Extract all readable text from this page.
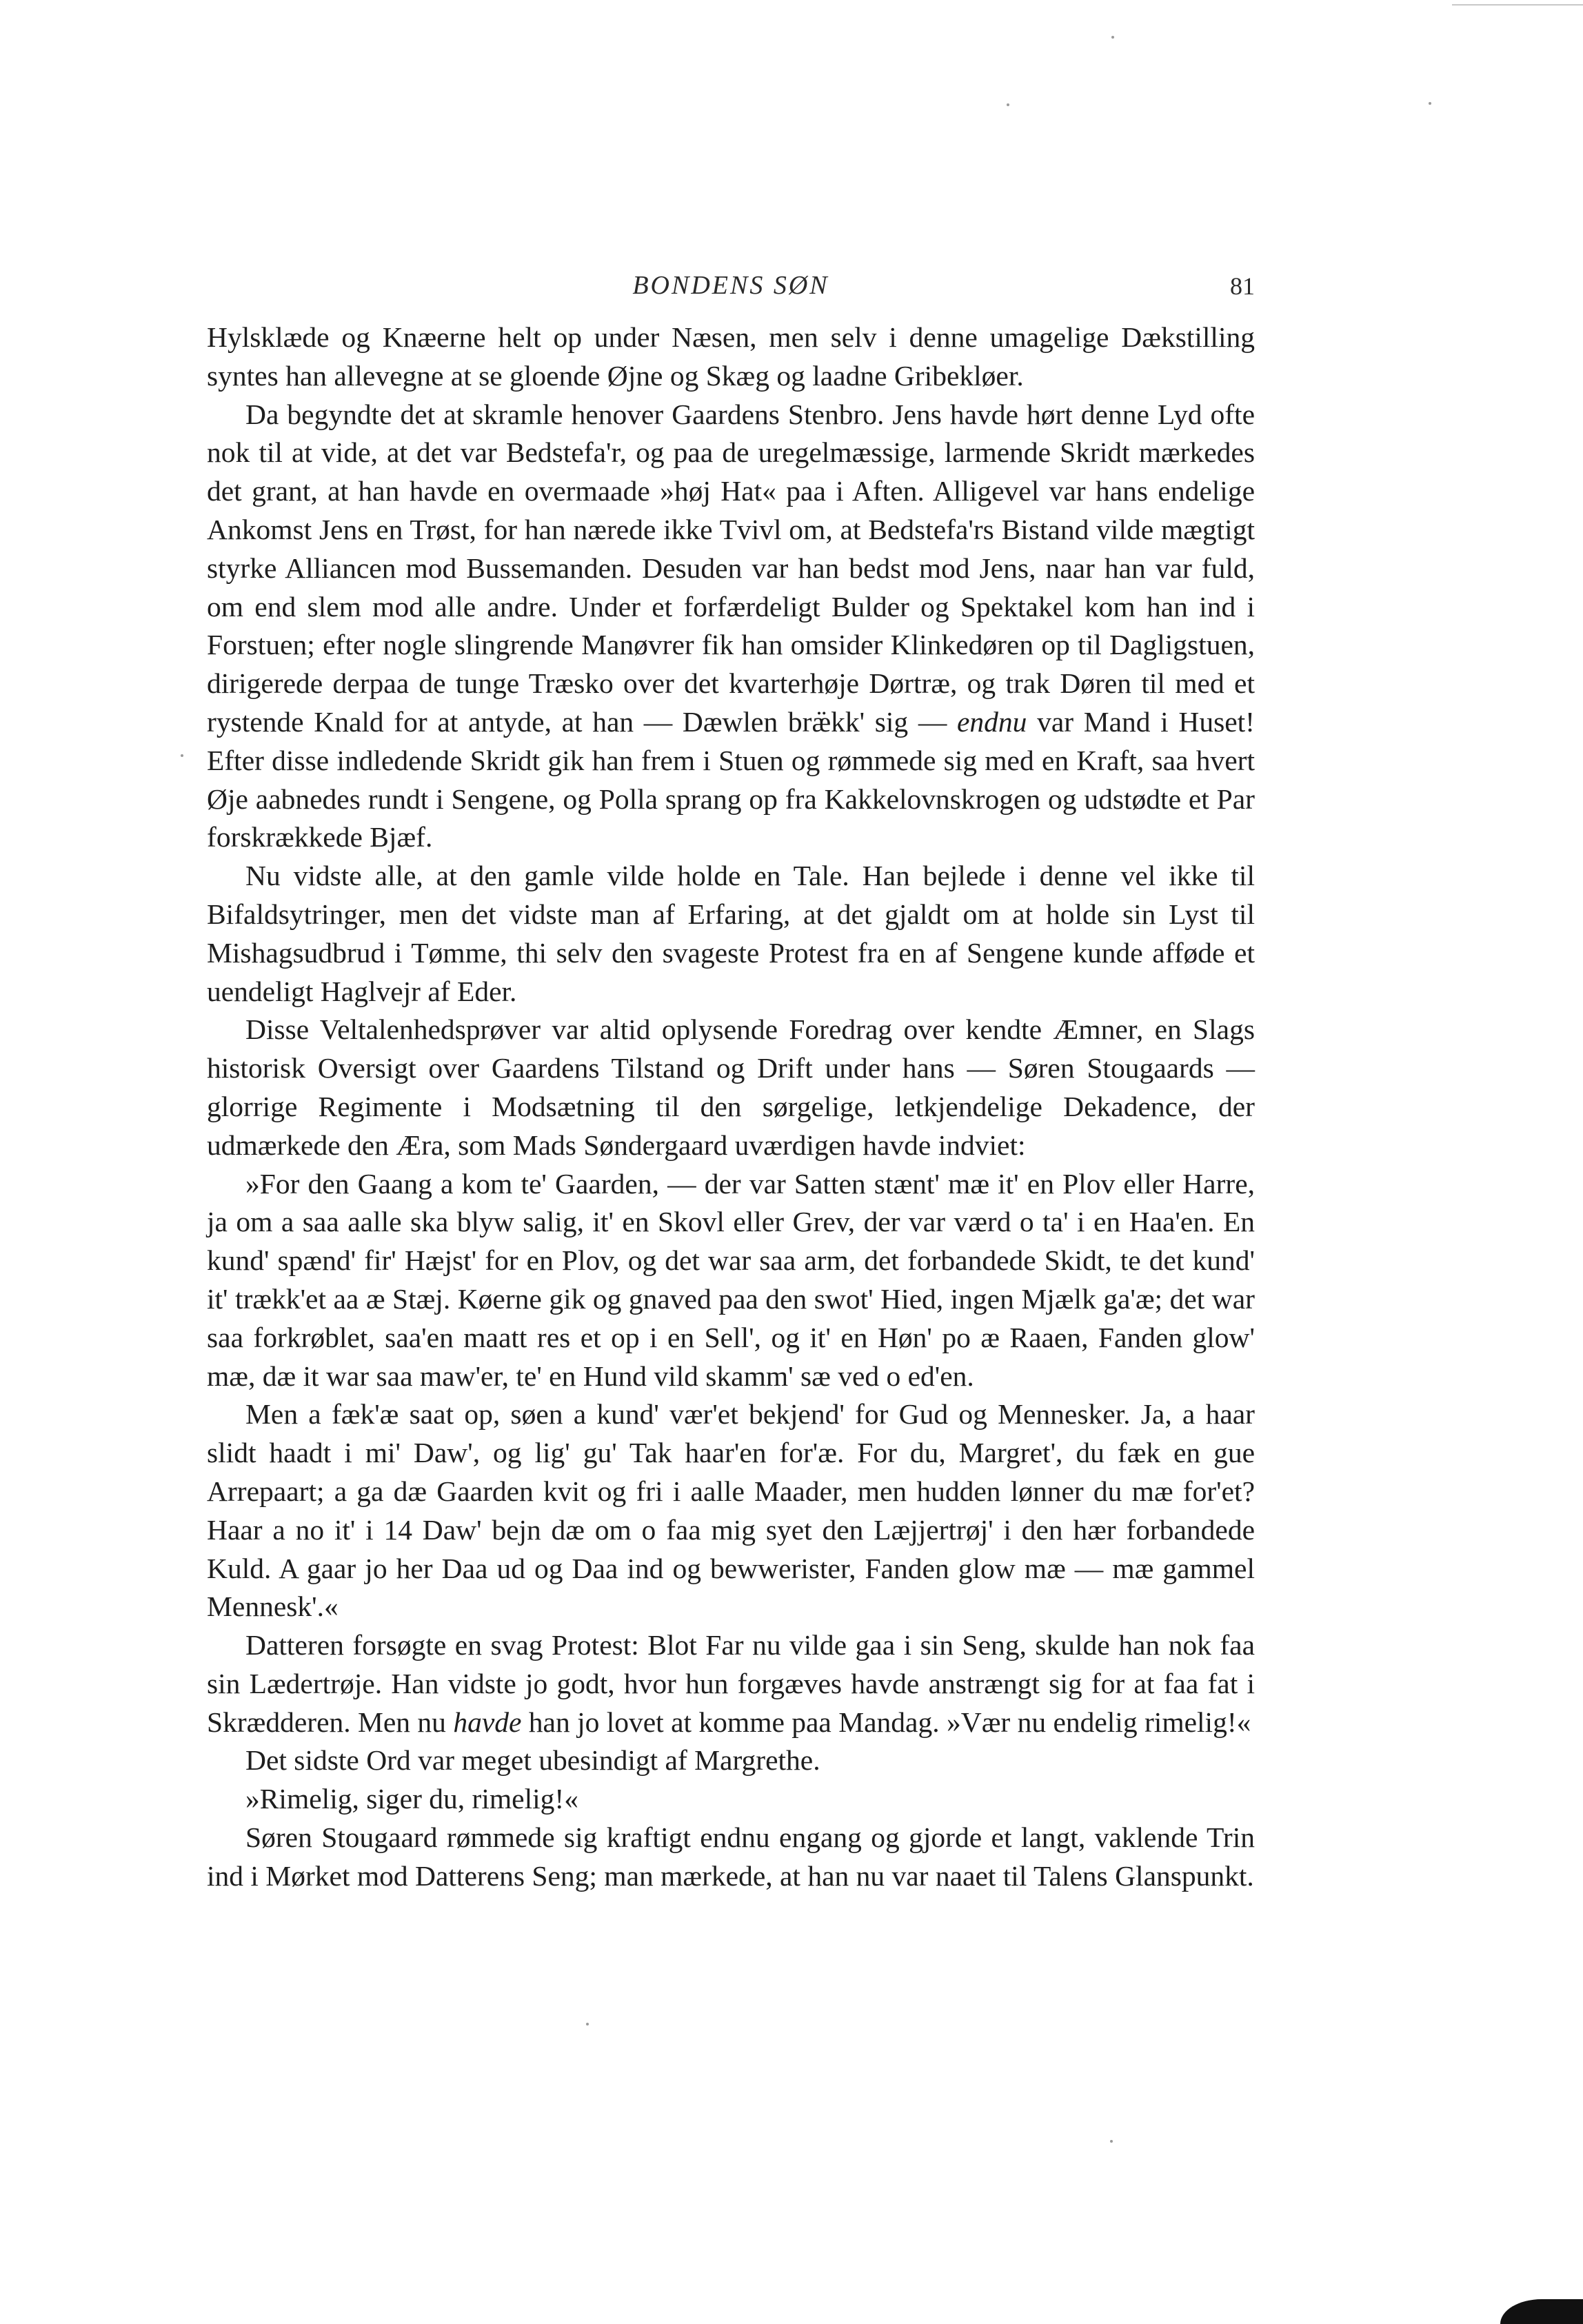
BONDENS SØN	81

Hylsklæde og Knæerne helt op under Næsen, men selv i denne umagelige Dækstilling syntes han allevegne at se gloende Øjne og Skæg og laadne Gribekløer.

Da begyndte det at skramle henover Gaardens Stenbro. Jens havde hørt denne Lyd ofte nok til at vide, at det var Bedstefa'r, og paa de uregelmæssige, larmende Skridt mærkedes det grant, at han havde en overmaade »høj Hat« paa i Aften. Alligevel var hans endelige Ankomst Jens en Trøst, for han nærede ikke Tvivl om, at Bedstefa'rs Bistand vilde mægtigt styrke Alliancen mod Bussemanden. Desuden var han bedst mod Jens, naar han var fuld, om end slem mod alle andre. Under et forfærdeligt Bulder og Spektakel kom han ind i Forstuen; efter nogle slingrende Manøvrer fik han omsider Klinkedøren op til Dagligstuen, dirigerede derpaa de tunge Træsko over det kvarterhøje Dørtræ, og trak Døren til med et rystende Knald for at antyde, at han — Dæwlen bræ̈kk' sig — endnu var Mand i Huset! Efter disse indledende Skridt gik han frem i Stuen og rømmede sig med en Kraft, saa hvert Øje aabnedes rundt i Sengene, og Polla sprang op fra Kakkelovnskrogen og udstødte et Par forskrækkede Bjæf.

Nu vidste alle, at den gamle vilde holde en Tale. Han bejlede i denne vel ikke til Bifaldsytringer, men det vidste man af Erfaring, at det gjaldt om at holde sin Lyst til Mishagsudbrud i Tømme, thi selv den svageste Protest fra en af Sengene kunde afføde et uendeligt Haglvejr af Eder.

Disse Veltalenhedsprøver var altid oplysende Foredrag over kendte Æmner, en Slags historisk Oversigt over Gaardens Tilstand og Drift under hans — Søren Stougaards — glorrige Regimente i Modsætning til den sørgelige, letkjendelige Dekadence, der udmærkede den Æra, som Mads Søndergaard uværdigen havde indviet:

»For den Gaang a kom te' Gaarden, — der var Satten stænt' mæ it' en Plov eller Harre, ja om a saa aalle ska blyw salig, it' en Skovl eller Grev, der var værd o ta' i en Haa'en. En kund' spænd' fir' Hæjst' for en Plov, og det war saa arm, det forbandede Skidt, te det kund' it' trækk'et aa æ Stæj. Køerne gik og gnaved paa den swot' Hied, ingen Mjælk ga'æ; det war saa forkrøblet, saa'en maatt res et op i en Sell', og it' en Høn' po æ Raaen, Fanden glow' mæ, dæ it war saa maw'er, te' en Hund vild skamm' sæ ved o ed'en.

Men a fæk'æ saat op, søen a kund' vær'et bekjend' for Gud og Mennesker. Ja, a haar slidt haadt i mi' Daw', og lig' gu' Tak haar'en for'æ. For du, Margret', du fæk en gue Arrepaart; a ga dæ Gaarden kvit og fri i aalle Maader, men hudden lønner du mæ for'et? Haar a no it' i 14 Daw' bejn dæ om o faa mig syet den Læjjertrøj' i den hær forbandede Kuld. A gaar jo her Daa ud og Daa ind og bewwerister, Fanden glow mæ — mæ gammel Mennesk'.«

Datteren forsøgte en svag Protest: Blot Far nu vilde gaa i sin Seng, skulde han nok faa sin Lædertrøje. Han vidste jo godt, hvor hun forgæves havde anstrængt sig for at faa fat i Skrædderen. Men nu havde han jo lovet at komme paa Mandag. »Vær nu endelig rimelig!«

Det sidste Ord var meget ubesindigt af Margrethe.

»Rimelig, siger du, rimelig!«

Søren Stougaard rømmede sig kraftigt endnu engang og gjorde et langt, vaklende Trin ind i Mørket mod Datterens Seng; man mærkede, at han nu var naaet til Talens Glanspunkt.
